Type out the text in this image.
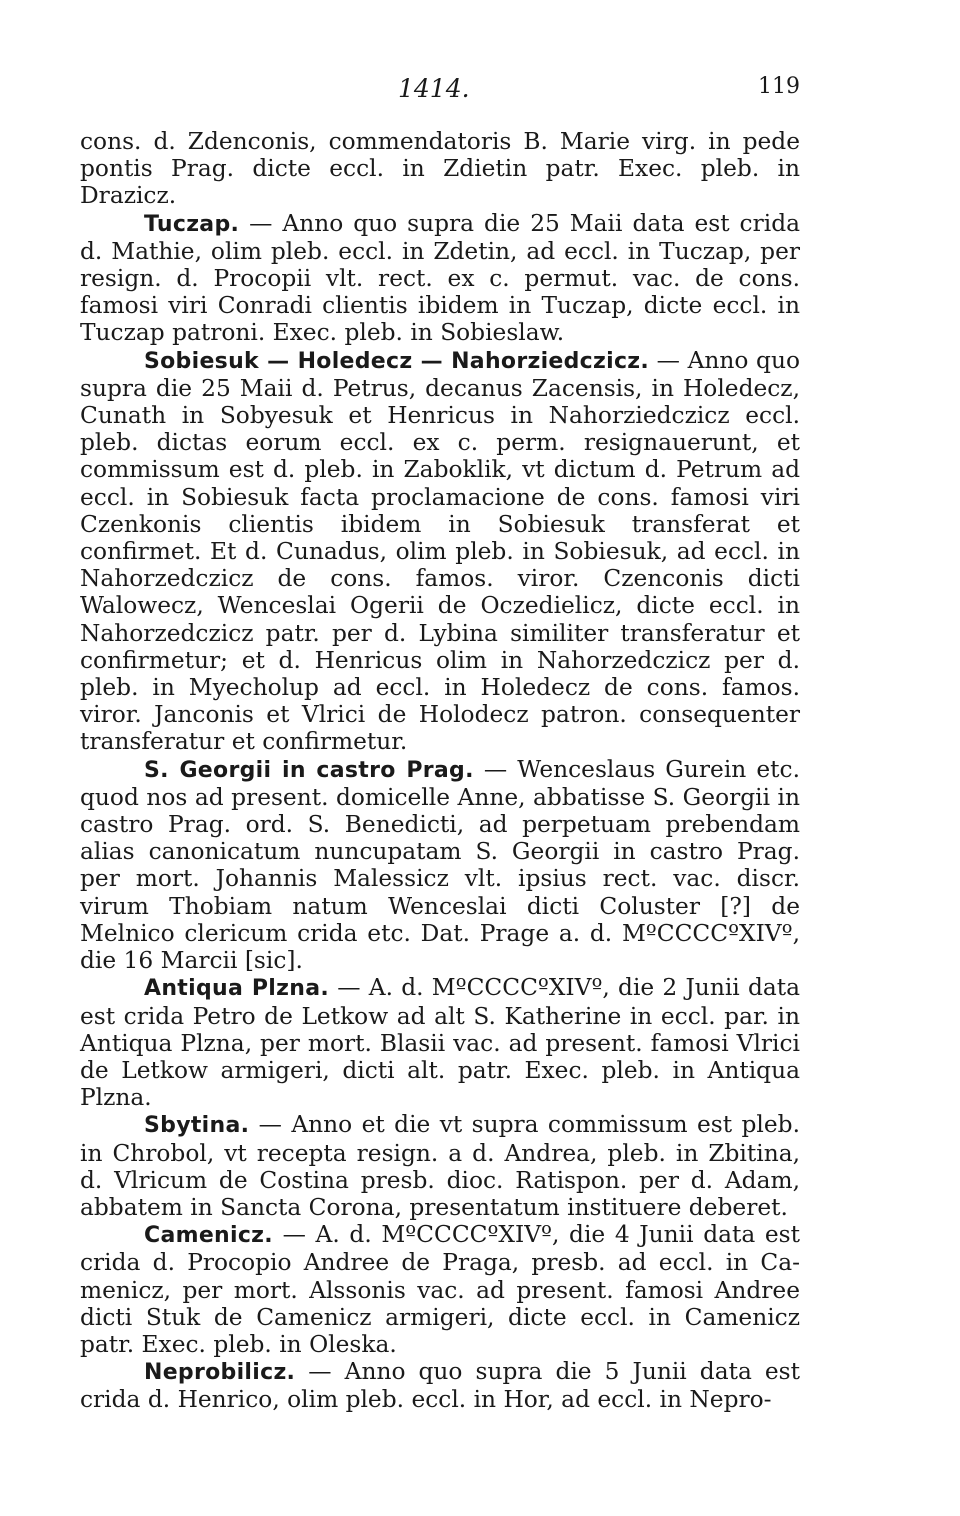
1414.	119

cons. d. Zdenconis, commendatoris B. Marie virg. in pede pontis Prag. dicte eccl. in Zdietin patr. Exec. pleb. in Drazicz.

Tuczap. — Anno quo supra die 25 Maii data est crida d. Mathie, olim pleb. eccl. in Zdetin, ad eccl. in Tuczap, per resign. d. Procopii vlt. rect. ex c. permut. vac. de cons. famosi viri Conradi clientis ibidem in Tuczap, dicte eccl. in Tuczap patroni. Exec. pleb. in Sobieslaw.

Sobiesuk — Holedecz — Nahorziedczicz. — Anno quo supra die 25 Maii d. Petrus, decanus Zacensis, in Holedecz, Cunath in Sobyesuk et Henricus in Nahorziedczicz eccl. pleb. dictas eorum eccl. ex c. perm. resignauerunt, et commissum est d. pleb. in Zaboklik, vt dictum d. Petrum ad eccl. in Sobiesuk facta proclamacione de cons. famosi viri Czenkonis clientis ibidem in Sobiesuk transferat et confirmet. Et d. Cunadus, olim pleb. in Sobiesuk, ad eccl. in Nahorzedczicz de cons. famos. viror. Czenconis dicti Walowecz, Wenceslai Ogerii de Oczedielicz, dicte eccl. in Nahorzedczicz patr. per d. Lybina similiter transferatur et confirmetur; et d. Henricus olim in Nahorzedczicz per d. pleb. in Myecholup ad eccl. in Holedecz de cons. famos. viror. Janconis et Vlrici de Holodecz patron. consequenter transferatur et confirmetur.

S. Georgii in castro Prag. — Wenceslaus Gurein etc. quod nos ad present. domicelle Anne, abbatisse S. Georgii in castro Prag. ord. S. Benedicti, ad perpetuam prebendam alias canonicatum nuncupatam S. Georgii in castro Prag. per mort. Johannis Malessicz vlt. ipsius rect. vac. discr. virum Thobiam natum Wenceslai dicti Coluster [?] de Melnico clericum crida etc. Dat. Prage a. d. MºCCCCºXIVº, die 16 Marcii [sic].

Antiqua Plzna. — A. d. MºCCCCºXIVº, die 2 Junii data est crida Petro de Letkow ad alt S. Katherine in eccl. par. in Antiqua Plzna, per mort. Blasii vac. ad present. famosi Vlrici de Letkow armigeri, dicti alt. patr. Exec. pleb. in Antiqua Plzna.

Sbytina. — Anno et die vt supra commissum est pleb. in Chrobol, vt recepta resign. a d. Andrea, pleb. in Zbitina, d. Vlricum de Costina presb. dioc. Ratispon. per d. Adam, abbatem in Sancta Corona, presentatum instituere deberet.

Camenicz. — A. d. MºCCCCºXIVº, die 4 Junii data est crida d. Procopio Andree de Praga, presb. ad eccl. in Camenicz, per mort. Alssonis vac. ad present. famosi Andree dicti Stuk de Camenicz armigeri, dicte eccl. in Camenicz patr. Exec. pleb. in Oleska.

Neprobilicz. — Anno quo supra die 5 Junii data est crida d. Henrico, olim pleb. eccl. in Hor, ad eccl. in Nepro-
